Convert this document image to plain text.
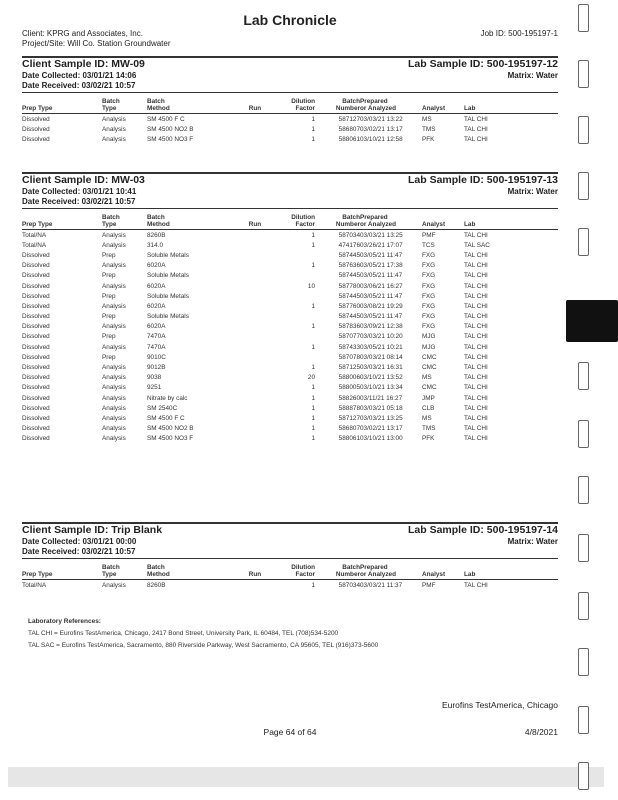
Lab Chronicle
Client: KPRG and Associates, Inc.
Project/Site: Will Co. Station Groundwater
Job ID: 500-195197-1
Client Sample ID: MW-09	Lab Sample ID: 500-195197-12
Date Collected: 03/01/21 14:06	Matrix: Water
Date Received: 03/02/21 10:57
	Batch	Batch		Dilution	Batch	Prepared		
Prep Type	Type	Method	Run	Factor	Number	or Analyzed	Analyst	Lab
Dissolved	Analysis	SM 4500 F C		1	587127	03/03/21 13:22	MS	TAL CHI
Dissolved	Analysis	SM 4500 NO2 B		1	586807	03/02/21 13:17	TMS	TAL CHI
Dissolved	Analysis	SM 4500 NO3 F		1	588061	03/10/21 12:58	PFK	TAL CHI
Client Sample ID: MW-03	Lab Sample ID: 500-195197-13
Date Collected: 03/01/21 10:41	Matrix: Water
Date Received: 03/02/21 10:57
	Batch	Batch		Dilution	Batch	Prepared		
Prep Type	Type	Method	Run	Factor	Number	or Analyzed	Analyst	Lab
Total/NA	Analysis	8260B		1	587034	03/03/21 13:25	PMF	TAL CHI
Total/NA	Analysis	314.0		1	474176	03/26/21 17:07	TCS	TAL SAC
Dissolved	Prep	Soluble Metals			587445	03/05/21 11:47	FXG	TAL CHI
Dissolved	Analysis	6020A		1	587636	03/05/21 17:38	FXG	TAL CHI
Dissolved	Prep	Soluble Metals			587445	03/05/21 11:47	FXG	TAL CHI
Dissolved	Analysis	6020A		10	587780	03/06/21 16:27	FXG	TAL CHI
Dissolved	Prep	Soluble Metals			587445	03/05/21 11:47	FXG	TAL CHI
Dissolved	Analysis	6020A		1	587760	03/08/21 19:29	FXG	TAL CHI
Dissolved	Prep	Soluble Metals			587445	03/05/21 11:47	FXG	TAL CHI
Dissolved	Analysis	6020A		1	587836	03/09/21 12:38	FXG	TAL CHI
Dissolved	Prep	7470A			587077	03/03/21 10:20	MJG	TAL CHI
Dissolved	Analysis	7470A		1	587433	03/05/21 10:21	MJG	TAL CHI
Dissolved	Prep	9010C			587078	03/03/21 08:14	CMC	TAL CHI
Dissolved	Analysis	9012B		1	587125	03/03/21 16:31	CMC	TAL CHI
Dissolved	Analysis	9038		20	588006	03/10/21 13:52	MS	TAL CHI
Dissolved	Analysis	9251		1	588005	03/10/21 13:34	CMC	TAL CHI
Dissolved	Analysis	Nitrate by calc		1	588260	03/11/21 16:27	JMP	TAL CHI
Dissolved	Analysis	SM 2540C		1	588878	03/03/21 05:18	CLB	TAL CHI
Dissolved	Analysis	SM 4500 F C		1	587127	03/03/21 13:25	MS	TAL CHI
Dissolved	Analysis	SM 4500 NO2 B		1	586807	03/02/21 13:17	TMS	TAL CHI
Dissolved	Analysis	SM 4500 NO3 F		1	588061	03/10/21 13:00	PFK	TAL CHI
Client Sample ID: Trip Blank	Lab Sample ID: 500-195197-14
Date Collected: 03/01/21 00:00	Matrix: Water
Date Received: 03/02/21 10:57
	Batch	Batch		Dilution	Batch	Prepared		
Prep Type	Type	Method	Run	Factor	Number	or Analyzed	Analyst	Lab
Total/NA	Analysis	8260B		1	587034	03/03/21 11:37	PMF	TAL CHI
Laboratory References:
TAL CHI = Eurofins TestAmerica, Chicago, 2417 Bond Street, University Park, IL 60484, TEL (708)534-5200
TAL SAC = Eurofins TestAmerica, Sacramento, 880 Riverside Parkway, West Sacramento, CA 95605, TEL (916)373-5600
Eurofins TestAmerica, Chicago
Page 64 of 64	4/8/2021
